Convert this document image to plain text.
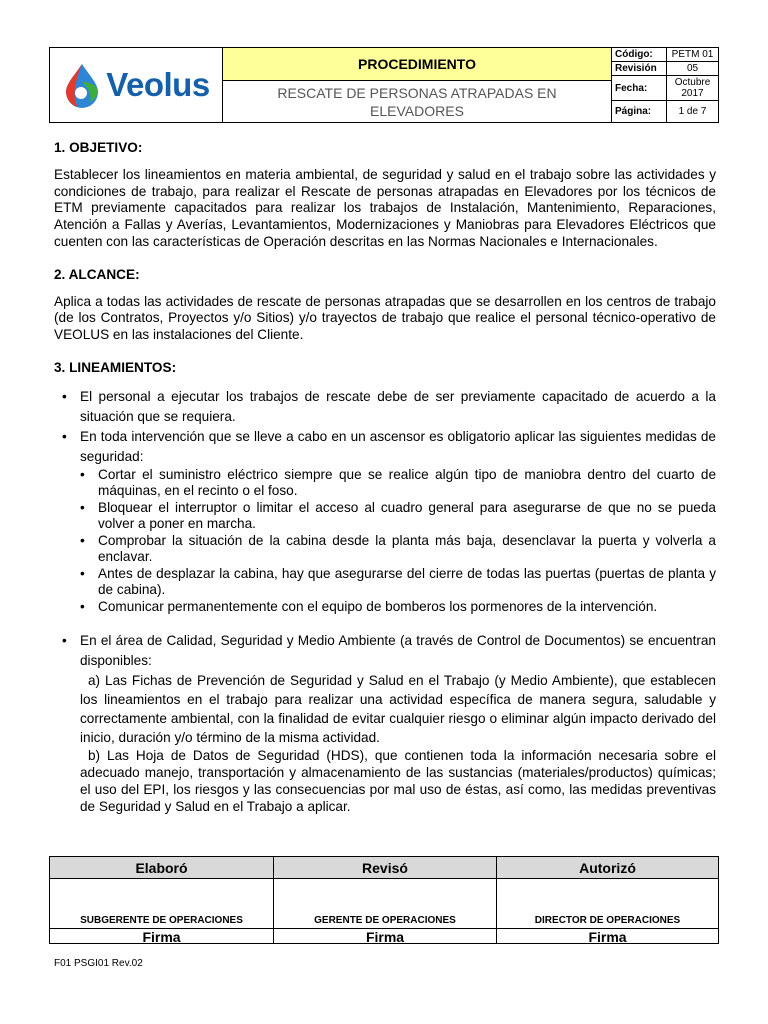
Veolus
PROCEDIMIENTO
RESCATE DE PERSONAS ATRAPADAS EN ELEVADORES
Código:	PETM 01
Revisión	05
Fecha:	Octubre 2017
Página:	1 de 7
1. OBJETIVO:
Establecer los lineamientos en materia ambiental, de seguridad y salud en el trabajo sobre las actividades y condiciones de trabajo, para realizar el Rescate de personas atrapadas en Elevadores por los técnicos de ETM previamente capacitados para realizar los trabajos de Instalación, Mantenimiento, Reparaciones, Atención a Fallas y Averías, Levantamientos, Modernizaciones y Maniobras para Elevadores Eléctricos que cuenten con las características de Operación descritas en las Normas Nacionales e Internacionales.
2. ALCANCE:
Aplica a todas las actividades de rescate de personas atrapadas que se desarrollen en los centros de trabajo (de los Contratos, Proyectos y/o Sitios) y/o trayectos de trabajo que realice el personal técnico-operativo de VEOLUS en las instalaciones del Cliente.
3. LINEAMIENTOS:
• El personal a ejecutar los trabajos de rescate debe de ser previamente capacitado de acuerdo a la situación que se requiera.
• En toda intervención que se lleve a cabo en un ascensor es obligatorio aplicar las siguientes medidas de seguridad:
• Cortar el suministro eléctrico siempre que se realice algún tipo de maniobra dentro del cuarto de máquinas, en el recinto o el foso.
• Bloquear el interruptor o limitar el acceso al cuadro general para asegurarse de que no se pueda volver a poner en marcha.
• Comprobar la situación de la cabina desde la planta más baja, desenclavar la puerta y volverla a enclavar.
• Antes de desplazar la cabina, hay que asegurarse del cierre de todas las puertas (puertas de planta y de cabina).
• Comunicar permanentemente con el equipo de bomberos los pormenores de la intervención.
• En el área de Calidad, Seguridad y Medio Ambiente (a través de Control de Documentos) se encuentran disponibles:
a) Las Fichas de Prevención de Seguridad y Salud en el Trabajo (y Medio Ambiente), que establecen los lineamientos en el trabajo para realizar una actividad específica de manera segura, saludable y correctamente ambiental, con la finalidad de evitar cualquier riesgo o eliminar algún impacto derivado del inicio, duración y/o término de la misma actividad.
b) Las Hoja de Datos de Seguridad (HDS), que contienen toda la información necesaria sobre el adecuado manejo, transportación y almacenamiento de las sustancias (materiales/productos) químicas; el uso del EPI, los riesgos y las consecuencias por mal uso de éstas, así como, las medidas preventivas de Seguridad y Salud en el Trabajo a aplicar.
Elaboró	Revisó	Autorizó
SUBGERENTE DE OPERACIONES	GERENTE DE OPERACIONES	DIRECTOR DE OPERACIONES
Firma	Firma	Firma
F01 PSGI01 Rev.02
